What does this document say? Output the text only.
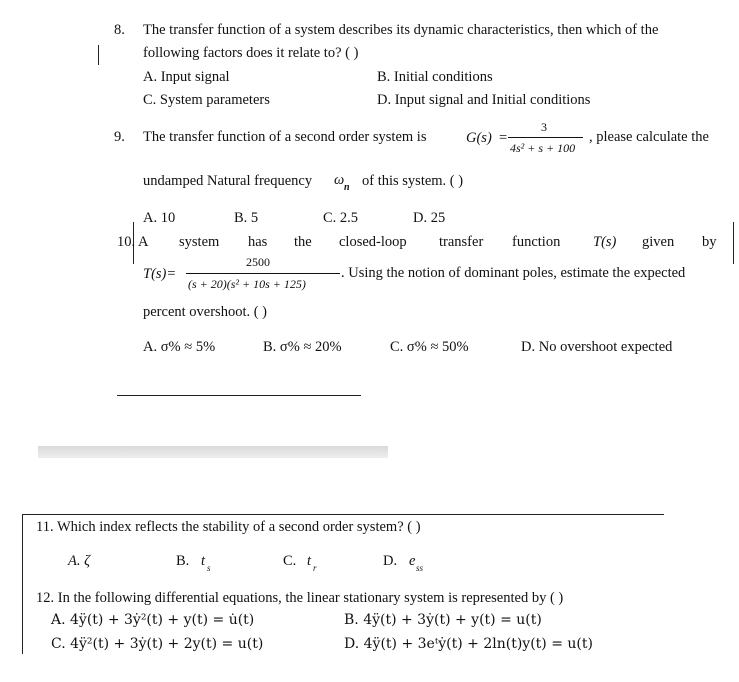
8. The transfer function of a system describes its dynamic characteristics, then which of the
following factors does it relate to? ( )
A. Input signal	B. Initial conditions
C. System parameters	D. Input signal and Initial conditions
9. The transfer function of a second order system is	G(s) =
3
4s² + s + 100
, please calculate the
undamped Natural frequency ω n of this system. ( )
A. 10	B. 5	C. 2.5	D. 25
10. A system has the closed-loop transfer function T(s) given by
T(s)=
2500
(s + 20)(s² + 10s + 125)
. Using the notion of dominant poles, estimate the expected
percent overshoot. ( )
A. σ% ≈ 5%	B. σ% ≈ 20%	C. σ% ≈ 50%	D. No overshoot expected
11. Which index reflects the stability of a second order system? ( )
A. ζ	B. t s	C. t r	D. e ss
12. In the following differential equations, the linear stationary system is represented by ( )
A. 4ÿ(t) + 3ẏ²(t) + y(t) = u̇(t)	B. 4ÿ(t) + 3ẏ(t) + y(t) = u(t)
C. 4ÿ²(t) + 3ẏ(t) + 2y(t) = u(t)	D. 4ÿ(t) + 3eᵗẏ(t) + 2ln(t)y(t) = u(t)
